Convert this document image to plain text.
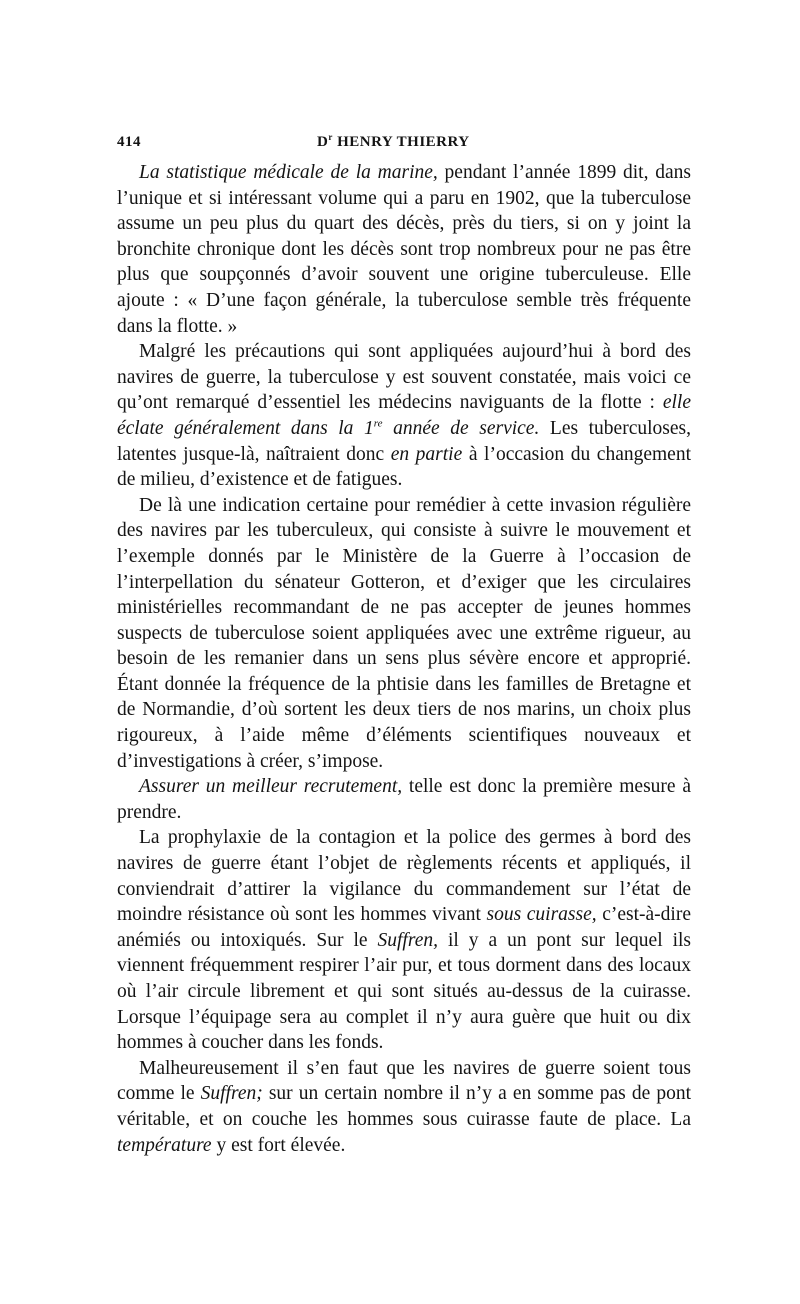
414	$D^r$ HENRY THIERRY

La statistique médicale de la marine, pendant l’année 1899 dit, dans l’unique et si intéressant volume qui a paru en 1902, que la tuberculose assume un peu plus du quart des décès, près du tiers, si on y joint la bronchite chronique dont les décès sont trop nombreux pour ne pas être plus que soupçonnés d’avoir souvent une origine tuberculeuse. Elle ajoute : « D’une façon générale, la tuberculose semble très fréquente dans la flotte. »

Malgré les précautions qui sont appliquées aujourd’hui à bord des navires de guerre, la tuberculose y est souvent constatée, mais voici ce qu’ont remarqué d’essentiel les médecins naviguants de la flotte : elle éclate généralement dans la 1re année de service. Les tuberculoses, latentes jusque-là, naîtraient donc en partie à l’occasion du changement de milieu, d’existence et de fatigues.

De là une indication certaine pour remédier à cette invasion régulière des navires par les tuberculeux, qui consiste à suivre le mouvement et l’exemple donnés par le Ministère de la Guerre à l’occasion de l’interpellation du sénateur Gotteron, et d’exiger que les circulaires ministérielles recommandant de ne pas accepter de jeunes hommes suspects de tuberculose soient appliquées avec une extrême rigueur, au besoin de les remanier dans un sens plus sévère encore et approprié. Étant donnée la fréquence de la phtisie dans les familles de Bretagne et de Normandie, d’où sortent les deux tiers de nos marins, un choix plus rigoureux, à l’aide même d’éléments scientifiques nouveaux et d’investigations à créer, s’impose.

Assurer un meilleur recrutement, telle est donc la première mesure à prendre.

La prophylaxie de la contagion et la police des germes à bord des navires de guerre étant l’objet de règlements récents et appliqués, il conviendrait d’attirer la vigilance du commandement sur l’état de moindre résistance où sont les hommes vivant sous cuirasse, c’est-à-dire anémiés ou intoxiqués. Sur le Suffren, il y a un pont sur lequel ils viennent fréquemment respirer l’air pur, et tous dorment dans des locaux où l’air circule librement et qui sont situés au-dessus de la cuirasse. Lorsque l’équipage sera au complet il n’y aura guère que huit ou dix hommes à coucher dans les fonds.

Malheureusement il s’en faut que les navires de guerre soient tous comme le Suffren; sur un certain nombre il n’y a en somme pas de pont véritable, et on couche les hommes sous cuirasse faute de place. La température y est fort élevée.
